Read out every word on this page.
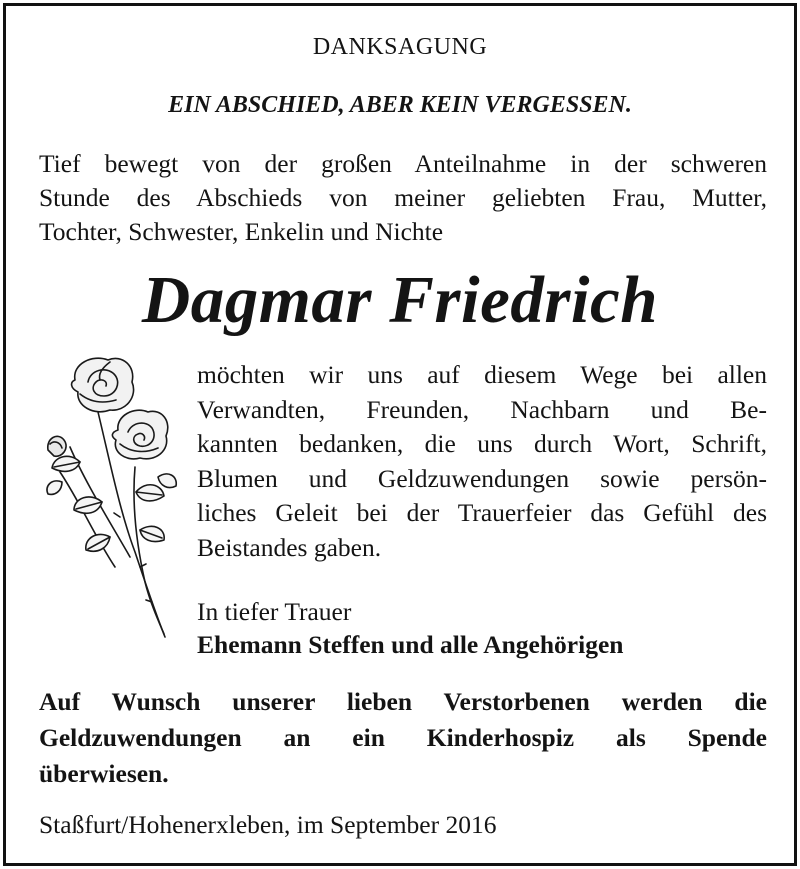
DANKSAGUNG
EIN ABSCHIED, ABER KEIN VERGESSEN.
Tief bewegt von der großen Anteilnahme in der schweren
Stunde des Abschieds von meiner geliebten Frau, Mutter,
Tochter, Schwester, Enkelin und Nichte
Dagmar Friedrich
möchten wir uns auf diesem Wege bei allen
Verwandten, Freunden, Nachbarn und Be-
kannten bedanken, die uns durch Wort, Schrift,
Blumen und Geldzuwendungen sowie persön-
liches Geleit bei der Trauerfeier das Gefühl des
Beistandes gaben.
In tiefer Trauer
Ehemann Steffen und alle Angehörigen
Auf Wunsch unserer lieben Verstorbenen werden die
Geldzuwendungen an ein Kinderhospiz als Spende
überwiesen.
Staßfurt/Hohenerxleben, im September 2016
